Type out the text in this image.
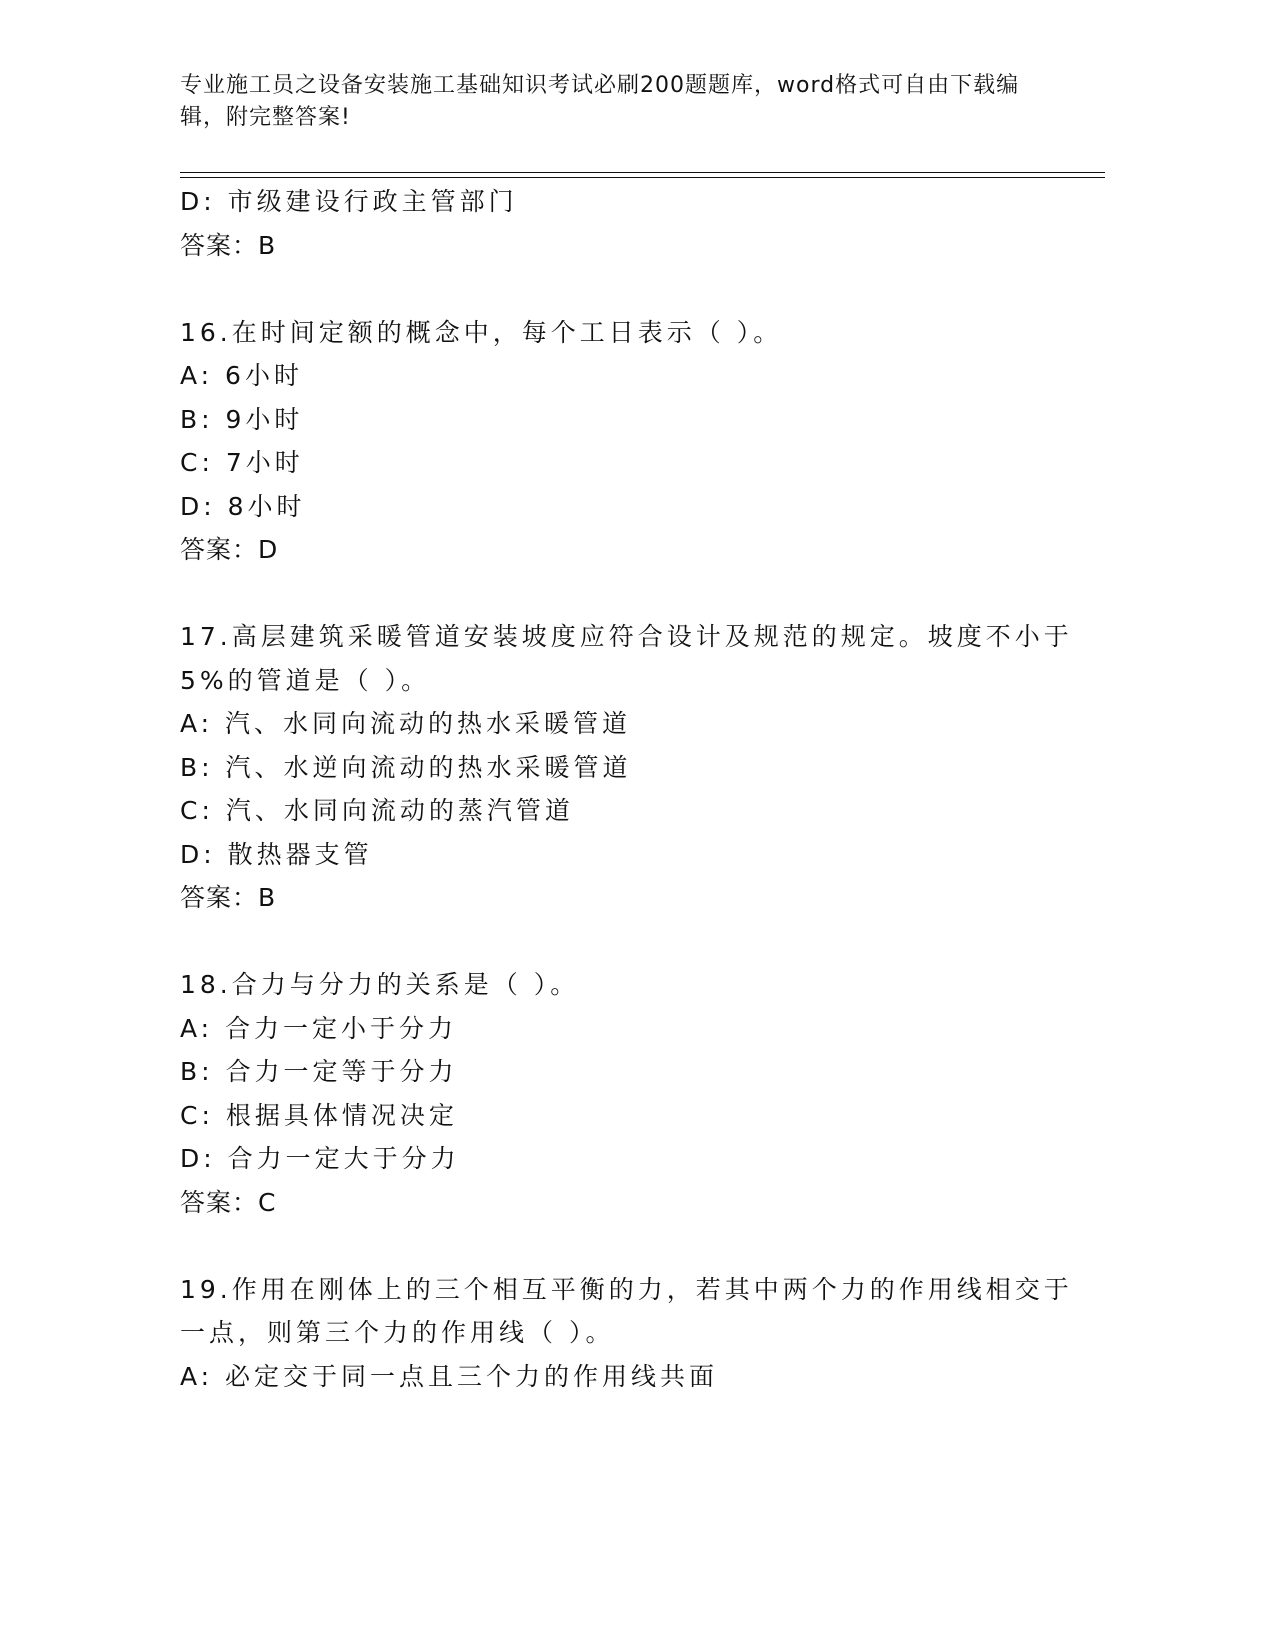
专业施工员之设备安装施工基础知识考试必刷200题题库，word格式可自由下载编辑，附完整答案!
D: 市级建设行政主管部门
答案：B
16.在时间定额的概念中，每个工日表示（ ）。
A: 6小时
B: 9小时
C: 7小时
D: 8小时
答案：D
17.高层建筑采暖管道安装坡度应符合设计及规范的规定。坡度不小于
5%的管道是（ ）。
A: 汽、水同向流动的热水采暖管道
B: 汽、水逆向流动的热水采暖管道
C: 汽、水同向流动的蒸汽管道
D: 散热器支管
答案：B
18.合力与分力的关系是（ ）。
A: 合力一定小于分力
B: 合力一定等于分力
C: 根据具体情况决定
D: 合力一定大于分力
答案：C
19.作用在刚体上的三个相互平衡的力，若其中两个力的作用线相交于
一点，则第三个力的作用线（ ）。
A: 必定交于同一点且三个力的作用线共面
